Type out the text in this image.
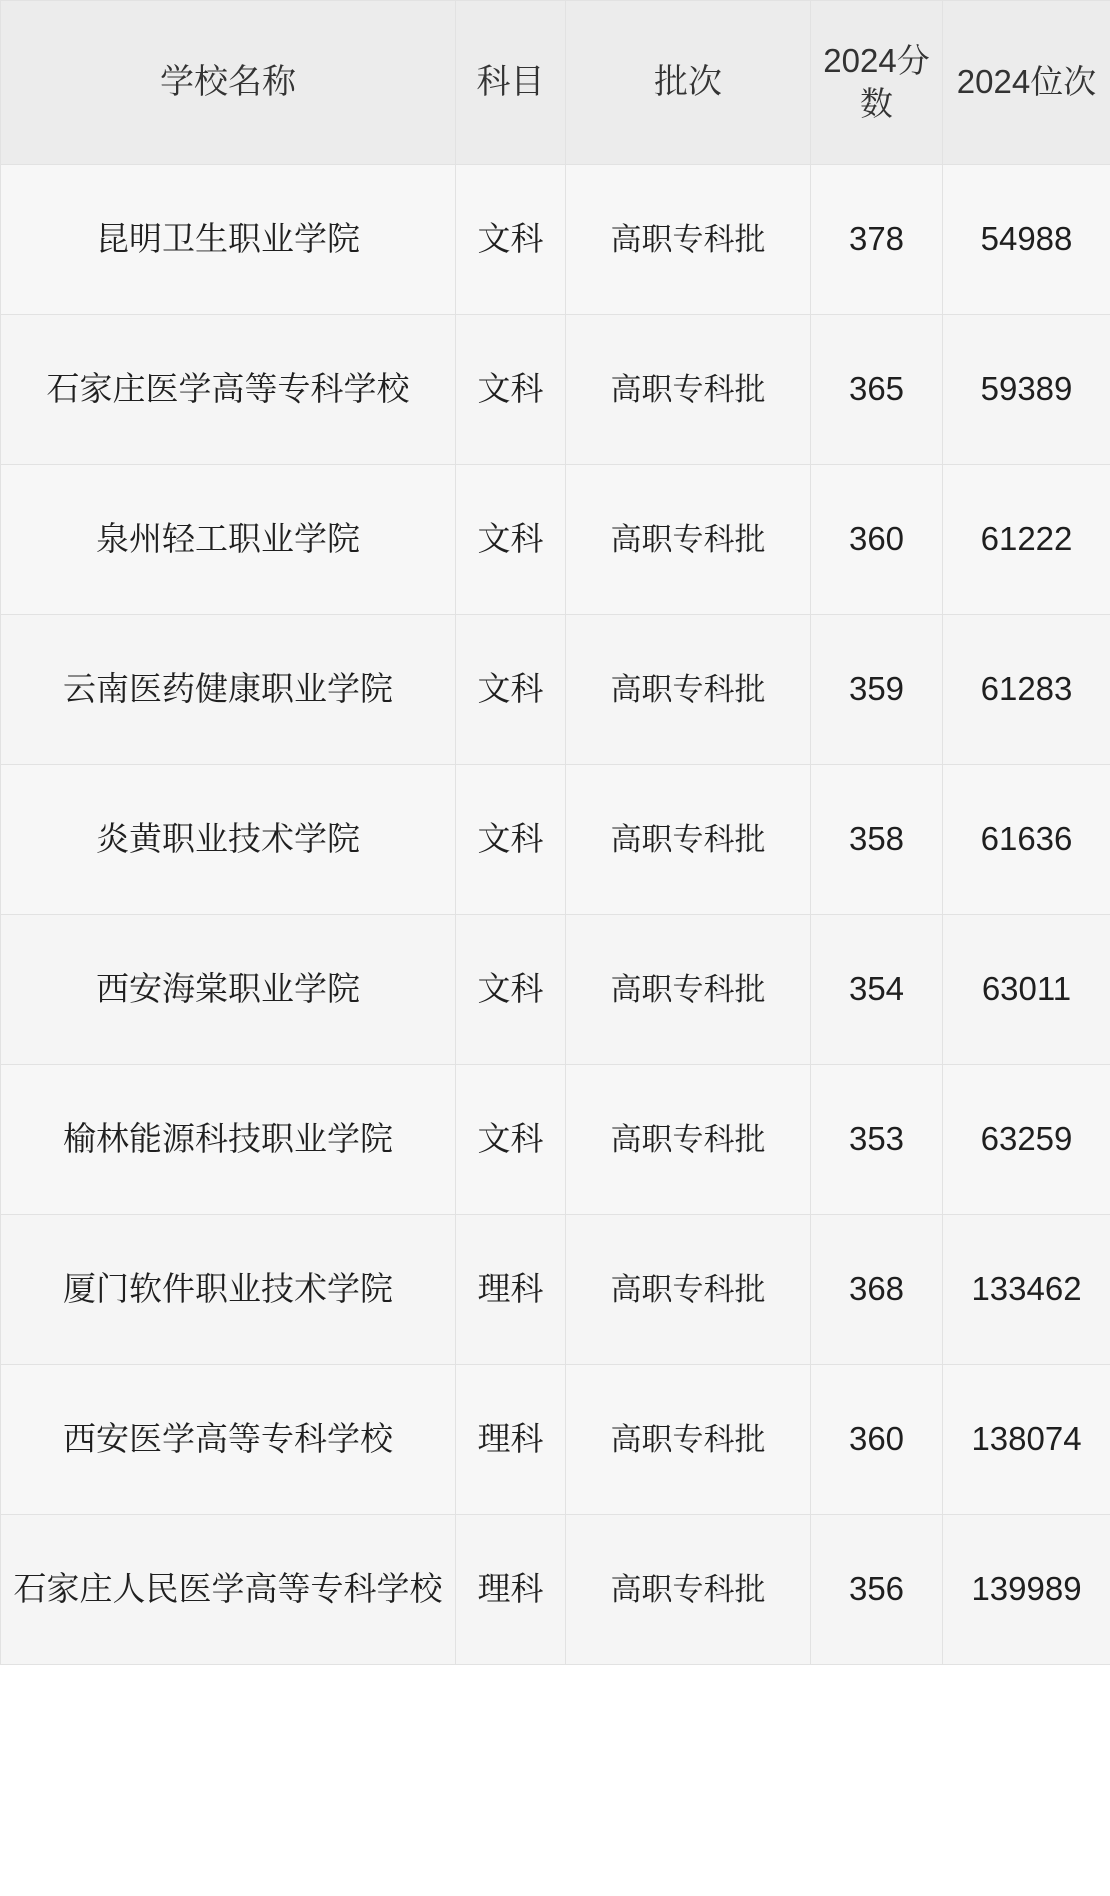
学校名称	科目	批次	2024分数	2024位次
昆明卫生职业学院	文科	高职专科批	378	54988
石家庄医学高等专科学校	文科	高职专科批	365	59389
泉州轻工职业学院	文科	高职专科批	360	61222
云南医药健康职业学院	文科	高职专科批	359	61283
炎黄职业技术学院	文科	高职专科批	358	61636
西安海棠职业学院	文科	高职专科批	354	63011
榆林能源科技职业学院	文科	高职专科批	353	63259
厦门软件职业技术学院	理科	高职专科批	368	133462
西安医学高等专科学校	理科	高职专科批	360	138074
石家庄人民医学高等专科学校	理科	高职专科批	356	139989
